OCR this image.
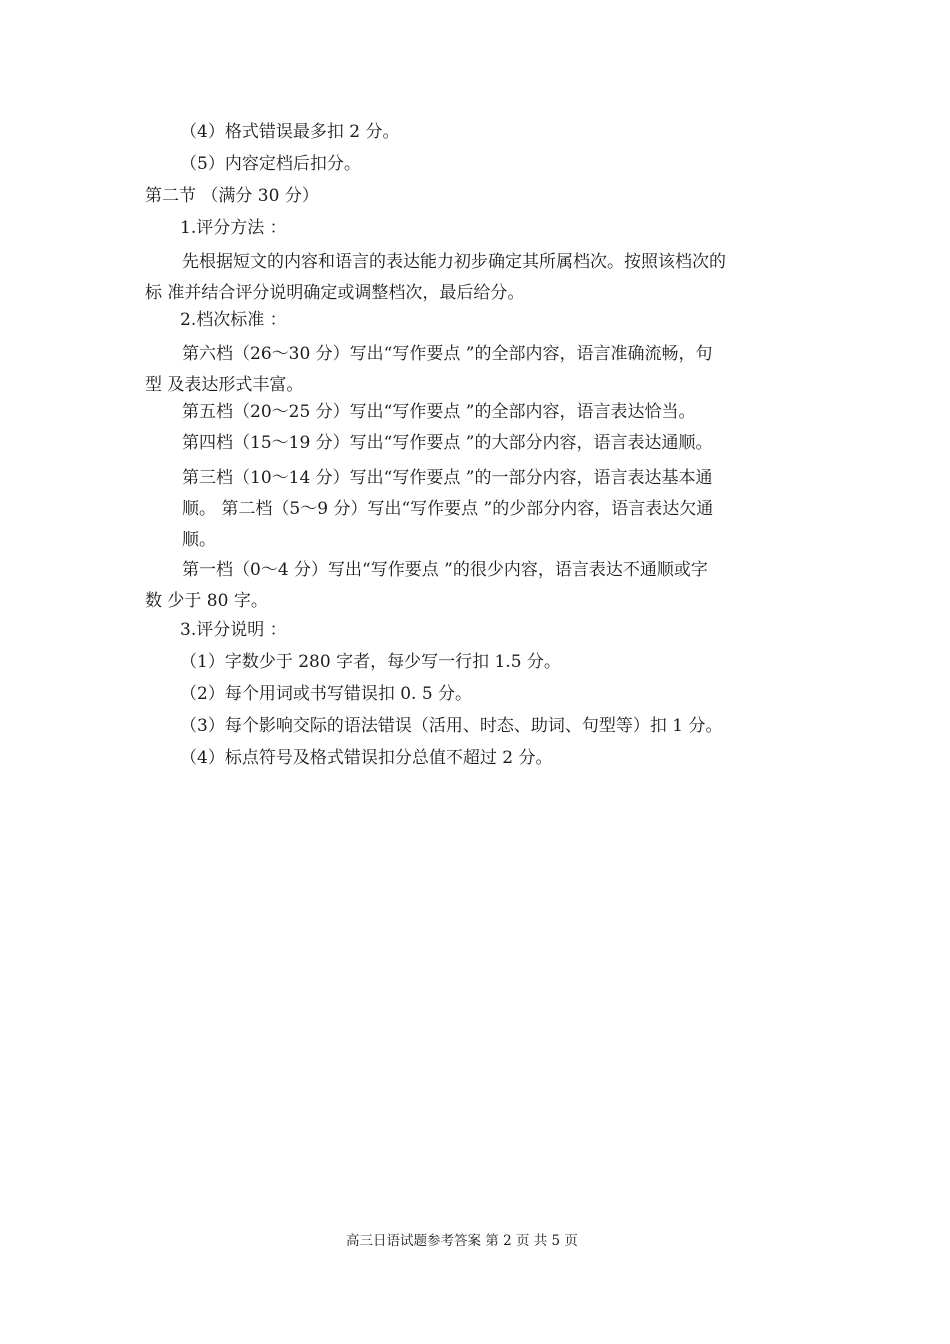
（4）格式错误最多扣 2 分。
（5）内容定档后扣分。
第二节 （满分 30 分）
1.评分方法 ：
先根据短文的内容和语言的表达能力初步确定其所属档次。按照该档次的
标 准并结合评分说明确定或调整档次，最后给分。
2.档次标准 ：
第六档（26～30 分）写出“写作要点 ”的全部内容，语言准确流畅，句
型 及表达形式丰富。
第五档（20～25 分）写出“写作要点 ”的全部内容，语言表达恰当。
第四档（15～19 分）写出“写作要点 ”的大部分内容，语言表达通顺。
第三档（10～14 分）写出“写作要点 ”的一部分内容，语言表达基本通
顺。 第二档（5～9 分）写出“写作要点 ”的少部分内容，语言表达欠通
顺。
第一档（0～4 分）写出“写作要点 ”的很少内容，语言表达不通顺或字
数 少于 80 字。
3.评分说明 ：
（1）字数少于 280 字者，每少写一行扣 1.5 分。
（2）每个用词或书写错误扣 0. 5 分。
（3）每个影响交际的语法错误（活用、时态、助词、句型等）扣 1 分。
（4）标点符号及格式错误扣分总值不超过 2 分。
高三日语试题参考答案 第 2 页 共 5 页
